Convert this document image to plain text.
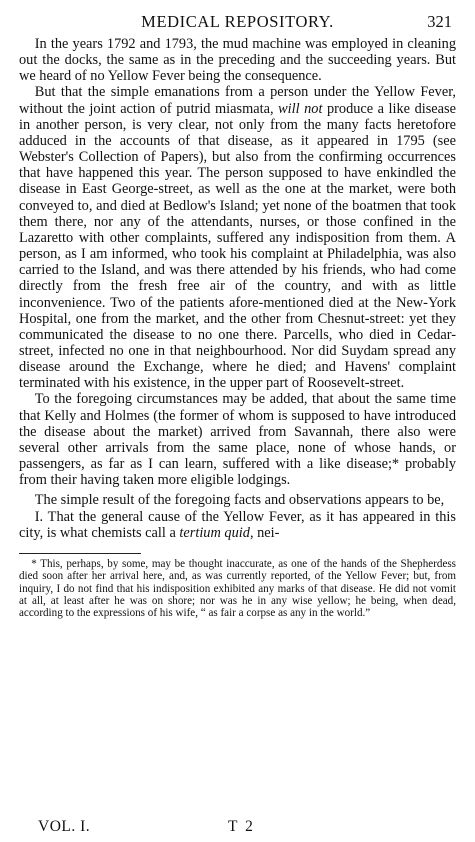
MEDICAL REPOSITORY.	321

In the years 1792 and 1793, the mud machine was employed in cleaning out the docks, the same as in the preceding and the succeeding years. But we heard of no Yellow Fever being the consequence.

But that the simple emanations from a person under the Yellow Fever, without the joint action of putrid miasmata, will not produce a like disease in another person, is very clear, not only from the many facts heretofore adduced in the accounts of that disease, as it appeared in 1795 (see Webster's Collection of Papers), but also from the confirming occurrences that have happened this year. The person supposed to have enkindled the disease in East George-street, as well as the one at the market, were both conveyed to, and died at Bedlow's Island; yet none of the boatmen that took them there, nor any of the attendants, nurses, or those confined in the Lazaretto with other complaints, suffered any indisposition from them. A person, as I am informed, who took his complaint at Philadelphia, was also carried to the Island, and was there attended by his friends, who had come directly from the fresh free air of the country, and with as little inconvenience. Two of the patients afore-mentioned died at the New-York Hospital, one from the market, and the other from Chesnut-street: yet they communicated the disease to no one there. Parcells, who died in Cedar-street, infected no one in that neighbourhood. Nor did Suydam spread any disease around the Exchange, where he died; and Havens' complaint terminated with his existence, in the upper part of Roosevelt-street.

To the foregoing circumstances may be added, that about the same time that Kelly and Holmes (the former of whom is supposed to have introduced the disease about the market) arrived from Savannah, there also were several other arrivals from the same place, none of whose hands, or passengers, as far as I can learn, suffered with a like disease;* probably from their having taken more eligible lodgings.

The simple result of the foregoing facts and observations appears to be,

I. That the general cause of the Yellow Fever, as it has appeared in this city, is what chemists call a tertium quid, nei-

* This, perhaps, by some, may be thought inaccurate, as one of the hands of the Shepherdess died soon after her arrival here, and, as was currently reported, of the Yellow Fever; but, from inquiry, I do not find that his indisposition exhibited any marks of that disease. He did not vomit at all, at least after he was on shore; nor was he in any wise yellow; he being, when dead, according to the expressions of his wife, “ as fair a corpse as any in the world.”

VOL. I.	T 2
